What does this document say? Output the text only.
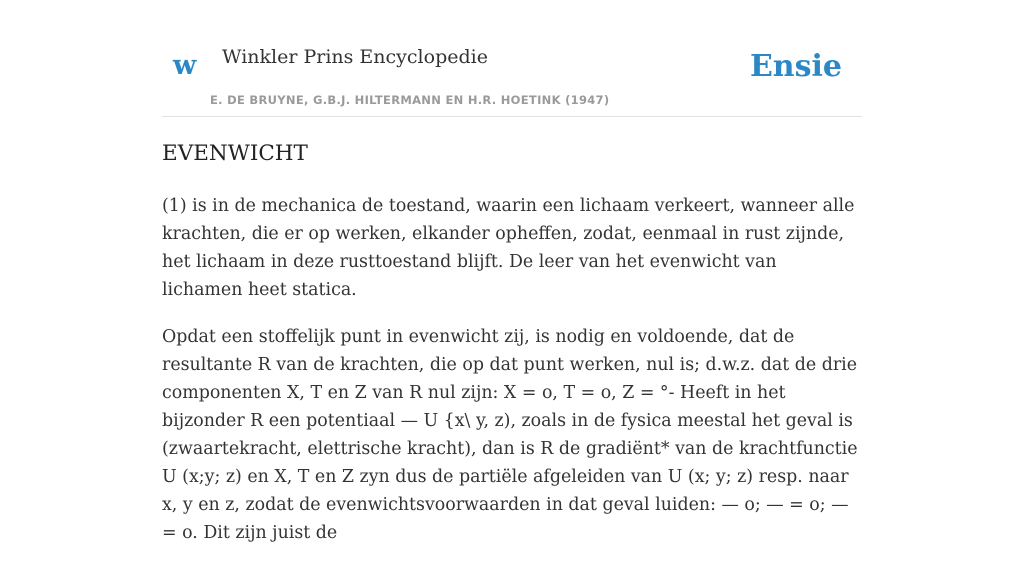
w Winkler Prins Encyclopedie
E. DE BRUYNE, G.B.J. HILTERMANN EN H.R. HOETINK (1947)
Ensie
EVENWICHT

(1) is in de mechanica de toestand, waarin een lichaam verkeert, wanneer alle krachten, die er op werken, elkander opheffen, zodat, eenmaal in rust zijnde, het lichaam in deze rusttoestand blijft. De leer van het evenwicht van lichamen heet statica.

Opdat een stoffelijk punt in evenwicht zij, is nodig en voldoende, dat de resultante R van de krachten, die op dat punt werken, nul is; d.w.z. dat de drie componenten X, T en Z van R nul zijn: X = o, T = o, Z = °- Heeft in het bijzonder R een potentiaal — U {x\ y, z), zoals in de fysica meestal het geval is (zwaartekracht, elettrische kracht), dan is R de gradiënt* van de krachtfunctie U (x;y; z) en X, T en Z zyn dus de partiële afgeleiden van U (x; y; z) resp. naar x, y en z, zodat de evenwichtsvoorwaarden in dat geval luiden: — o; — = o; — = o. Dit zijn juist de
